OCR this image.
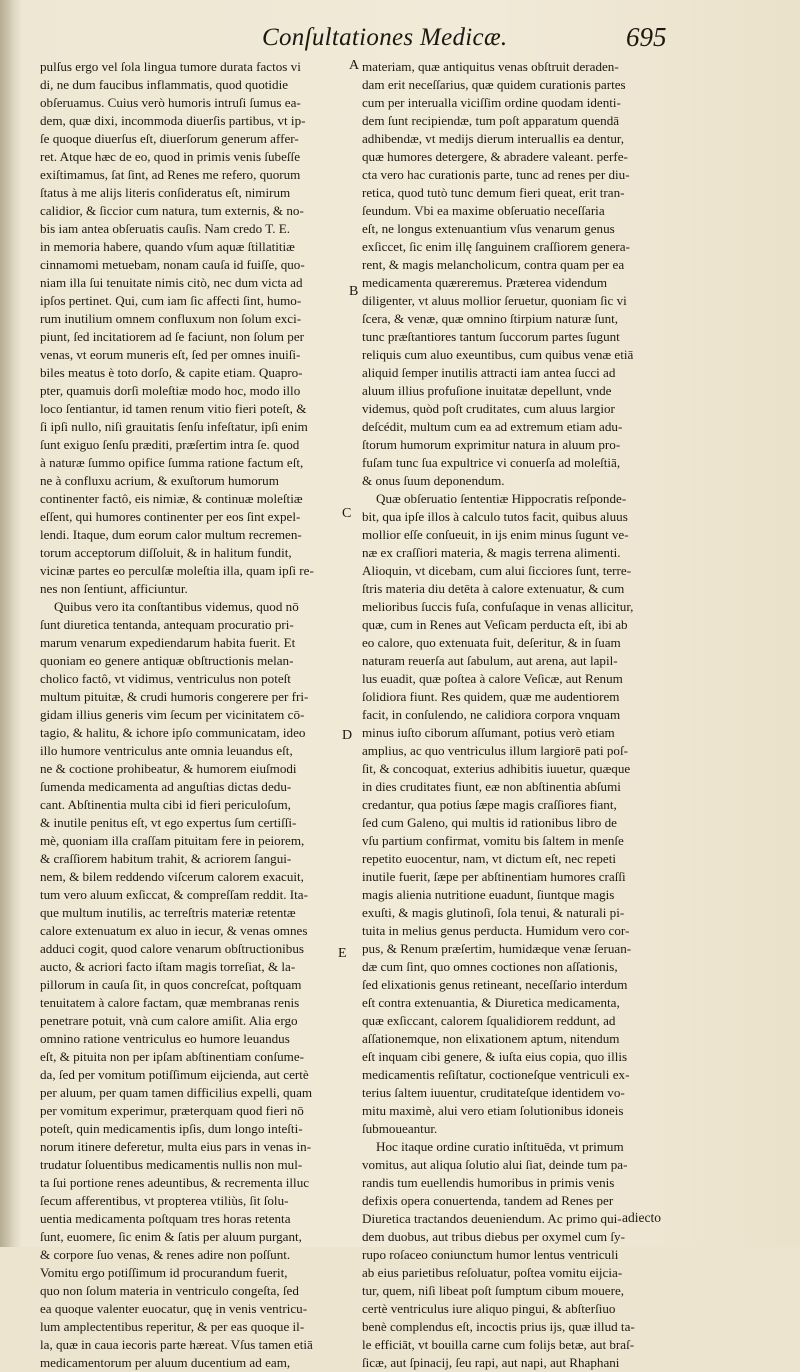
Conſultationes Medicæ.	695
pulſus ergo vel ſola lingua tumore durata factos vi
di, ne dum faucibus inflammatis, quod quotidie
obſeruamus. Cuius verò humoris intruſi ſumus ea-
dem, quæ dixi, incommoda diuerſis partibus, vt ip-
ſe quoque diuerſus eſt, diuerſorum generum affer-
ret. Atque hæc de eo, quod in primis venis ſubeſſe
exiſtimamus, ſat ſint, ad Renes me refero, quorum
ſtatus à me alijs literis conſideratus eſt, nimirum
calidior, & ſiccior cum natura, tum externis, & no-
bis iam antea obſeruatis cauſis. Nam credo T. E.
in memoria habere, quando vſum aquæ ſtillatitiæ
cinnamomi metuebam, nonam cauſa id fuiſſe, quo-
niam illa ſui tenuitate nimis citò, nec dum victa ad
ipſos pertinet. Qui, cum iam ſic affecti ſint, humo-
rum inutilium omnem confluxum non ſolum exci-
piunt, ſed incitatiorem ad ſe faciunt, non ſolum per
venas, vt eorum muneris eſt, ſed per omnes inuiſi-
biles meatus è toto dorſo, & capite etiam. Quapro-
pter, quamuis dorſi moleſtiæ modo hoc, modo illo
loco ſentiantur, id tamen renum vitio fieri poteſt, &
ſi ipſi nullo, niſi grauitatis ſenſu infeſtatur, ipſi enim
ſunt exiguo ſenſu præditi, præſertim intra ſe. quod
à naturæ ſummo opifice ſumma ratione factum eſt,
ne à confluxu acrium, & exuſtorum humorum
continenter factô, eis nimiæ, & continuæ moleſtiæ
eſſent, qui humores continenter per eos ſint expel-
lendi. Itaque, dum eorum calor multum recremen-
torum acceptorum diſſoluit, & in halitum fundit,
vicinæ partes eo perculſæ moleſtia illa, quam ipſi re-
nes non ſentiunt, afficiuntur.
Quibus vero ita conſtantibus videmus, quod nō
ſunt diuretica tentanda, antequam procuratio pri-
marum venarum expediendarum habita fuerit. Et
quoniam eo genere antiquæ obſtructionis melan-
cholico factô, vt vidimus, ventriculus non poteſt
multum pituitæ, & crudi humoris congerere per fri-
gidam illius generis vim ſecum per vicinitatem cō-
tagio, & halitu, & ichore ipſo communicatam, ideo
illo humore ventriculus ante omnia leuandus eſt,
ne & coctione prohibeatur, & humorem eiuſmodi
ſumenda medicamenta ad anguſtias dictas dedu-
cant. Abſtinentia multa cibi id fieri periculoſum,
& inutile penitus eſt, vt ego expertus ſum certiſſi-
mè, quoniam illa craſſam pituitam fere in peiorem,
& craſſiorem habitum trahit, & acriorem ſangui-
nem, & bilem reddendo viſcerum calorem exacuit,
tum vero aluum exſiccat, & compreſſam reddit. Ita-
que multum inutilis, ac terreſtris materiæ retentæ
calore extenuatum ex aluo in iecur, & venas omnes
adduci cogit, quod calore venarum obſtructionibus
aucto, & acriori facto iſtam magis torreſiat, & la-
pillorum in cauſa ſit, in quos concreſcat, poſtquam
tenuitatem à calore factam, quæ membranas renis
penetrare potuit, vnà cum calore amiſit. Alia ergo
omnino ratione ventriculus eo humore leuandus
eſt, & pituita non per ipſam abſtinentiam conſume-
da, ſed per vomitum potiſſimum eijcienda, aut certè
per aluum, per quam tamen difficilius expelli, quam
per vomitum experimur, præterquam quod fieri nō
poteſt, quin medicamentis ipſis, dum longo inteſti-
norum itinere deferetur, multa eius pars in venas in-
trudatur ſoluentibus medicamentis nullis non mul-
ta ſui portione renes adeuntibus, & recrementa illuc
ſecum afferentibus, vt propterea vtiliùs, ſit ſolu-
uentia medicamenta poſtquam tres horas retenta
ſunt, euomere, ſic enim & ſatis per aluum purgant,
& corpore ſuo venas, & renes adire non poſſunt.
Vomitu ergo potiſſimum id procurandum fuerit,
quo non ſolum materia in ventriculo congeſta, ſed
ea quoque valenter euocatur, quę in venis ventricu-
lum amplectentibus reperitur, & per eas quoque il-
la, quæ in caua iecoris parte hæreat. Vſus tamen etiā
medicamentorum per aluum ducentium ad eam,
materiam, quæ antiquitus venas obſtruit deraden-
dam erit neceſſarius, quæ quidem curationis partes
cum per interualla viciſſim ordine quodam identi-
dem ſunt recipiendæ, tum poſt apparatum quendā
adhibendæ, vt medijs dierum interuallis ea dentur,
quæ humores detergere, & abradere valeant. perfe-
cta vero hac curationis parte, tunc ad renes per diu-
retica, quod tutò tunc demum fieri queat, erit tran-
ſeundum. Vbi ea maxime obſeruatio neceſſaria
eſt, ne longus extenuantium vſus venarum genus
exſiccet, ſic enim illę ſanguinem craſſiorem genera-
rent, & magis melancholicum, contra quam per ea
medicamenta quæreremus. Præterea videndum
diligenter, vt aluus mollior ſeruetur, quoniam ſic vi
ſcera, & venæ, quæ omnino ſtirpium naturæ ſunt,
tunc præſtantiores tantum ſuccorum partes ſugunt
reliquis cum aluo exeuntibus, cum quibus venæ etiā
aliquid ſemper inutilis attracti iam antea ſucci ad
aluum illius profuſione inuitatæ depellunt, vnde
videmus, quòd poſt cruditates, cum aluus largior
deſcédit, multum cum ea ad extremum etiam adu-
ſtorum humorum exprimitur natura in aluum pro-
fuſam tunc ſua expultrice vi conuerſa ad moleſtiā,
& onus ſuum deponendum.
Quæ obſeruatio ſententiæ Hippocratis reſponde-
bit, qua ipſe illos à calculo tutos facit, quibus aluus
mollior eſſe conſueuit, in ijs enim minus ſugunt ve-
næ ex craſſiori materia, & magis terrena alimenti.
Alioquin, vt dicebam, cum alui ſicciores ſunt, terre-
ſtris materia diu detēta à calore extenuatur, & cum
melioribus ſuccis fuſa, confuſaque in venas allicitur,
quæ, cum in Renes aut Veſicam perducta eſt, ibi ab
eo calore, quo extenuata fuit, deſeritur, & in ſuam
naturam reuerſa aut ſabulum, aut arena, aut lapil-
lus euadit, quæ poſtea à calore Veſicæ, aut Renum
ſolidiora fiunt. Res quidem, quæ me audentiorem
facit, in conſulendo, ne calidiora corpora vnquam
minus iuſto ciborum aſſumant, potius verò etiam
amplius, ac quo ventriculus illum largiorē pati poſ-
ſit, & concoquat, exterius adhibitis iuuetur, quæque
in dies cruditates fiunt, eæ non abſtinentia abſumi
credantur, qua potius ſæpe magis craſſiores fiant,
ſed cum Galeno, qui multis id rationibus libro de
vſu partium confirmat, vomitu bis ſaltem in menſe
repetito euocentur, nam, vt dictum eſt, nec repeti
inutile fuerit, ſæpe per abſtinentiam humores craſſi
magis alienia nutritione euadunt, ſiuntque magis
exuſti, & magis glutinoſi, ſola tenui, & naturali pi-
tuita in melius genus perducta. Humidum vero cor-
pus, & Renum præſertim, humidæque venæ ſeruan-
dæ cum ſint, quo omnes coctiones non aſſationis,
ſed elixationis genus retineant, neceſſario interdum
eſt contra extenuantia, & Diuretica medicamenta,
quæ exſiccant, calorem ſqualidiorem reddunt, ad
aſſationemque, non elixationem aptum, nitendum
eſt inquam cibi genere, & iuſta eius copia, quo illis
medicamentis reſiſtatur, coctioneſque ventriculi ex-
terius ſaltem iuuentur, cruditateſque identidem vo-
mitu maximè, alui vero etiam ſolutionibus idoneis
ſubmoueantur.
Hoc itaque ordine curatio inſtituēda, vt primum
vomitus, aut aliqua ſolutio alui ſiat, deinde tum pa-
randis tum euellendis humoribus in primis venis
defixis opera conuertenda, tandem ad Renes per
Diuretica tractandos deueniendum. Ac primo qui-
dem duobus, aut tribus diebus per oxymel cum ſy-
rupo roſaceo coniunctum humor lentus ventriculi
ab eius parietibus reſoluatur, poſtea vomitu eijcia-
tur, quem, niſi libeat poſt ſumptum cibum mouere,
certè ventriculus iure aliquo pingui, & abſterſiuo
benè complendus eſt, incoctis prius ijs, quæ illud ta-
le efficiāt, vt bouilla carne cum folijs betæ, aut braſ-
ſicæ, aut ſpinacij, ſeu rapi, aut napi, aut Rhaphani
A
B
C
D
E
adiecto
